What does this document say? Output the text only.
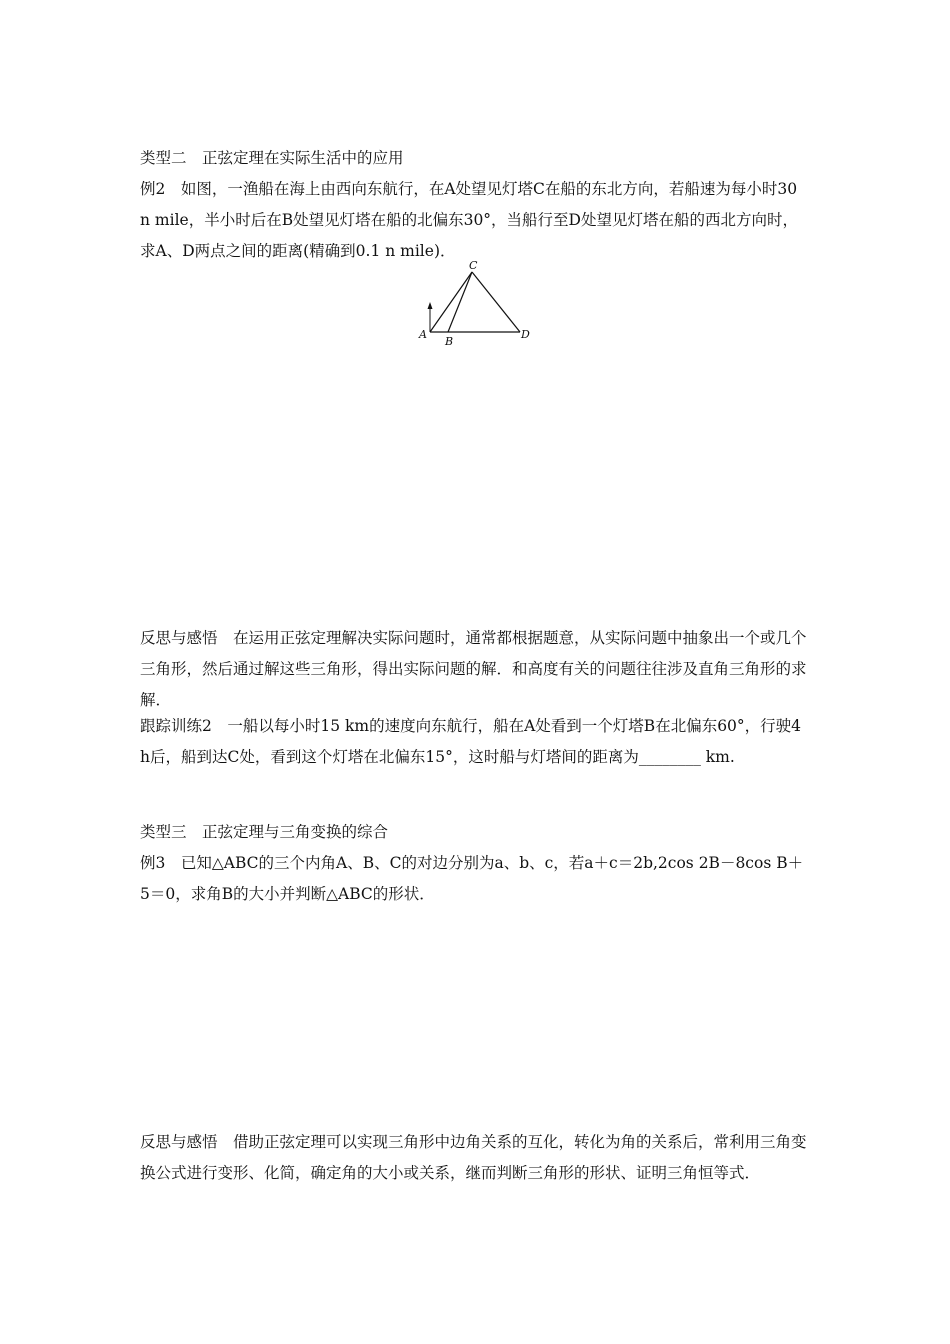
类型二　正弦定理在实际生活中的应用

例2　如图，一渔船在海上由西向东航行，在A处望见灯塔C在船的东北方向，若船速为每小时30 n mile，半小时后在B处望见灯塔在船的北偏东30°，当船行至D处望见灯塔在船的西北方向时，求A、D两点之间的距离(精确到0.1 n mile)．

C
A
B
D

反思与感悟　在运用正弦定理解决实际问题时，通常都根据题意，从实际问题中抽象出一个或几个三角形，然后通过解这些三角形，得出实际问题的解．和高度有关的问题往往涉及直角三角形的求解．

跟踪训练2　一船以每小时15 km的速度向东航行，船在A处看到一个灯塔B在北偏东60°，行驶4 h后，船到达C处，看到这个灯塔在北偏东15°，这时船与灯塔间的距离为________ km.

类型三　正弦定理与三角变换的综合

例3　已知△ABC的三个内角A、B、C的对边分别为a、b、c，若a＋c＝2b,2cos 2B－8cos B＋5＝0，求角B的大小并判断△ABC的形状．

反思与感悟　借助正弦定理可以实现三角形中边角关系的互化，转化为角的关系后，常利用三角变换公式进行变形、化简，确定角的大小或关系，继而判断三角形的形状、证明三角恒等式．
